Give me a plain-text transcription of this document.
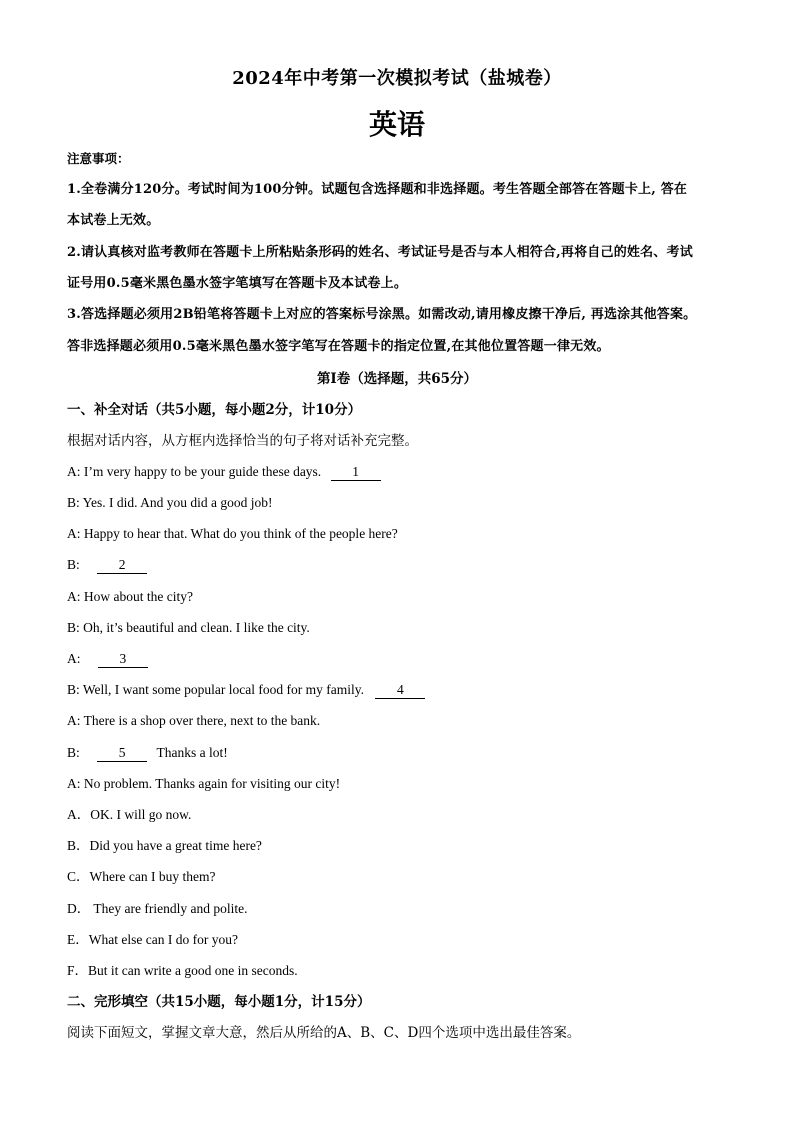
2024年中考第一次模拟考试（盐城卷）
英语
注意事项：
1.全卷满分120分。考试时间为100分钟。试题包含选择题和非选择题。考生答题全部答在答题卡上, 答在
本试卷上无效。
2.请认真核对监考教师在答题卡上所粘贴条形码的姓名、考试证号是否与本人相符合,再将自己的姓名、考试
证号用0.5毫米黑色墨水签字笔填写在答题卡及本试卷上。
3.答选择题必须用2B铅笔将答题卡上对应的答案标号涂黑。如需改动,请用橡皮擦干净后, 再选涂其他答案。
答非选择题必须用0.5毫米黑色墨水签字笔写在答题卡的指定位置,在其他位置答题一律无效。
第Ⅰ卷（选择题，共65分）
一、补全对话（共5小题，每小题2分，计10分）
根据对话内容，从方框内选择恰当的句子将对话补充完整。
A: I’m very happy to be your guide these days. 1
B: Yes. I did. And you did a good job!
A: Happy to hear that. What do you think of the people here?
B:	2
A: How about the city?
B: Oh, it’s beautiful and clean. I like the city.
A:	3
B: Well, I want some popular local food for my family. 4
A: There is a shop over there, next to the bank.
B:	5 Thanks a lot!
A: No problem. Thanks again for visiting our city!
A．OK. I will go now.
B．Did you have a great time here?
C．Where can I buy them?
D． They are friendly and polite.
E．What else can I do for you?
F．But it can write a good one in seconds.
二、完形填空（共15小题，每小题1分，计15分）
阅读下面短文，掌握文章大意，然后从所给的A、B、C、D四个选项中选出最佳答案。
